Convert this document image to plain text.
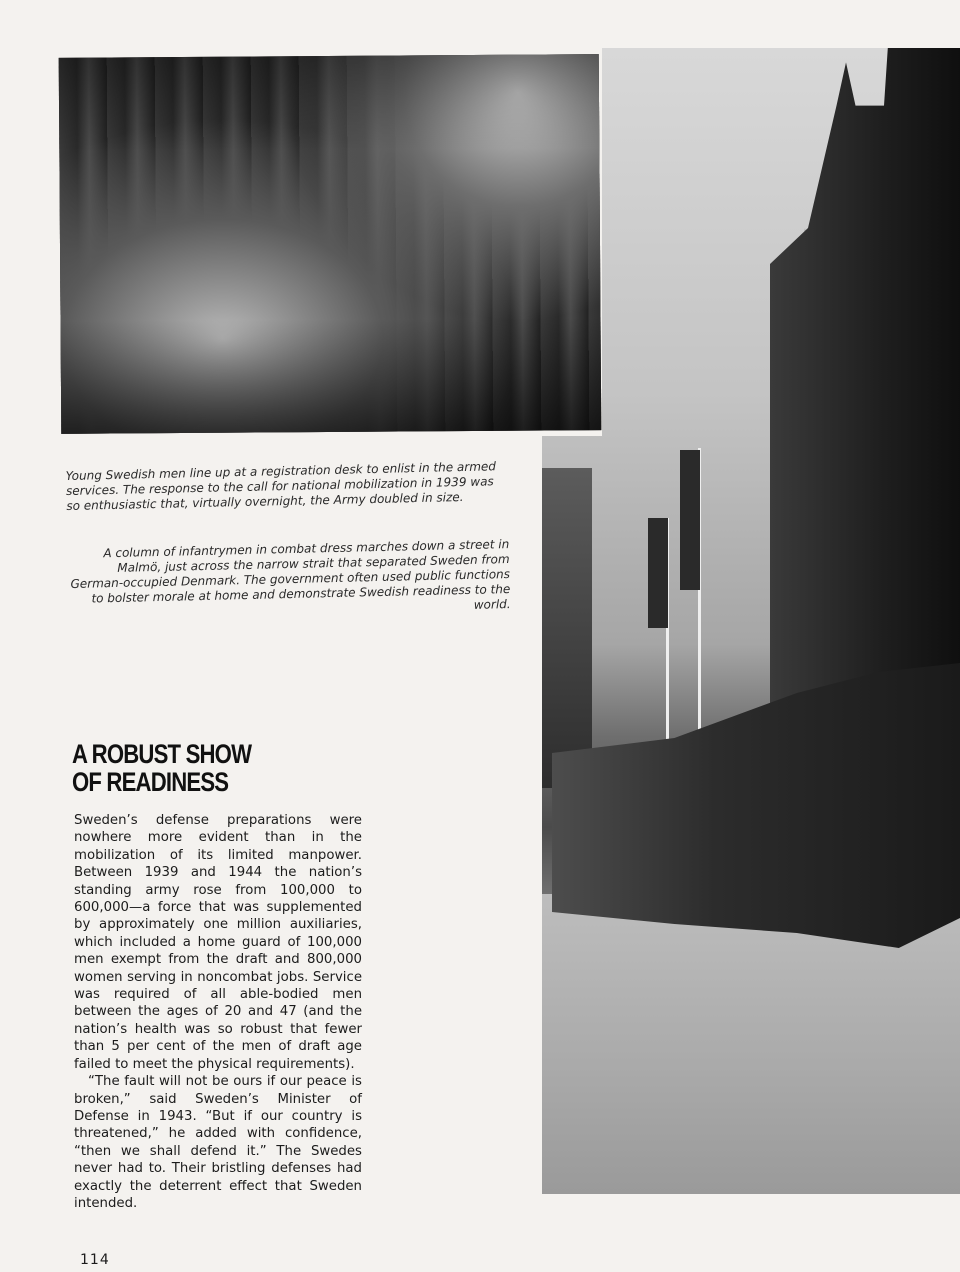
Young Swedish men line up at a registration desk to enlist in the armed services. The response to the call for national mobilization in 1939 was so enthusiastic that, virtually overnight, the Army doubled in size.
A column of infantrymen in combat dress marches down a street in Malmö, just across the narrow strait that separated Sweden from German-occupied Denmark. The government often used public functions to bolster morale at home and demonstrate Swedish readiness to the world.
A ROBUST SHOW
OF READINESS

Sweden’s defense preparations were nowhere more evident than in the mobilization of its limited manpower. Between 1939 and 1944 the nation’s standing army rose from 100,000 to 600,000—a force that was supplemented by approximately one million auxiliaries, which included a home guard of 100,000 men exempt from the draft and 800,000 women serving in noncombat jobs. Service was required of all able-bodied men between the ages of 20 and 47 (and the nation’s health was so robust that fewer than 5 per cent of the men of draft age failed to meet the physical requirements).

“The fault will not be ours if our peace is broken,” said Sweden’s Minister of Defense in 1943. “But if our country is threatened,” he added with confidence, “then we shall defend it.” The Swedes never had to. Their bristling defenses had exactly the deterrent effect that Sweden intended.

114
